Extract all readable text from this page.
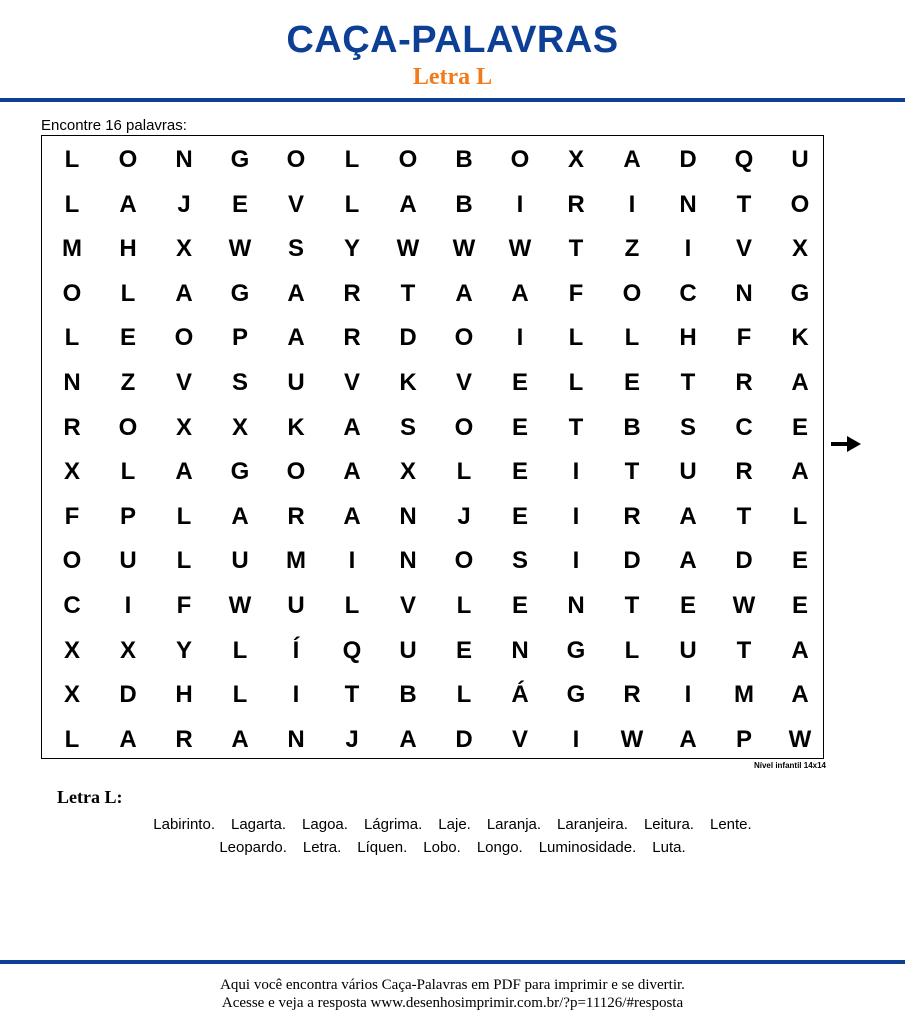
CAÇA-PALAVRAS
Letra L
Encontre 16 palavras:
L	O	N	G	O	L	O	B	O	X	A	D	Q	U
L	A	J	E	V	L	A	B	I	R	I	N	T	O
M	H	X	W	S	Y	W	W	W	T	Z	I	V	X
O	L	A	G	A	R	T	A	A	F	O	C	N	G
L	E	O	P	A	R	D	O	I	L	L	H	F	K
N	Z	V	S	U	V	K	V	E	L	E	T	R	A
R	O	X	X	K	A	S	O	E	T	B	S	C	E
X	L	A	G	O	A	X	L	E	I	T	U	R	A
F	P	L	A	R	A	N	J	E	I	R	A	T	L
O	U	L	U	M	I	N	O	S	I	D	A	D	E
C	I	F	W	U	L	V	L	E	N	T	E	W	E
X	X	Y	L	Í	Q	U	E	N	G	L	U	T	A
X	D	H	L	I	T	B	L	Á	G	R	I	M	A
L	A	R	A	N	J	A	D	V	I	W	A	P	W
Nível infantil 14x14
Letra L:
Labirinto. Lagarta. Lagoa. Lágrima. Laje. Laranja. Laranjeira. Leitura. Lente.
Leopardo. Letra. Líquen. Lobo. Longo. Luminosidade. Luta.
Aqui você encontra vários Caça-Palavras em PDF para imprimir e se divertir.
Acesse e veja a resposta www.desenhosimprimir.com.br/?p=11126/#resposta
